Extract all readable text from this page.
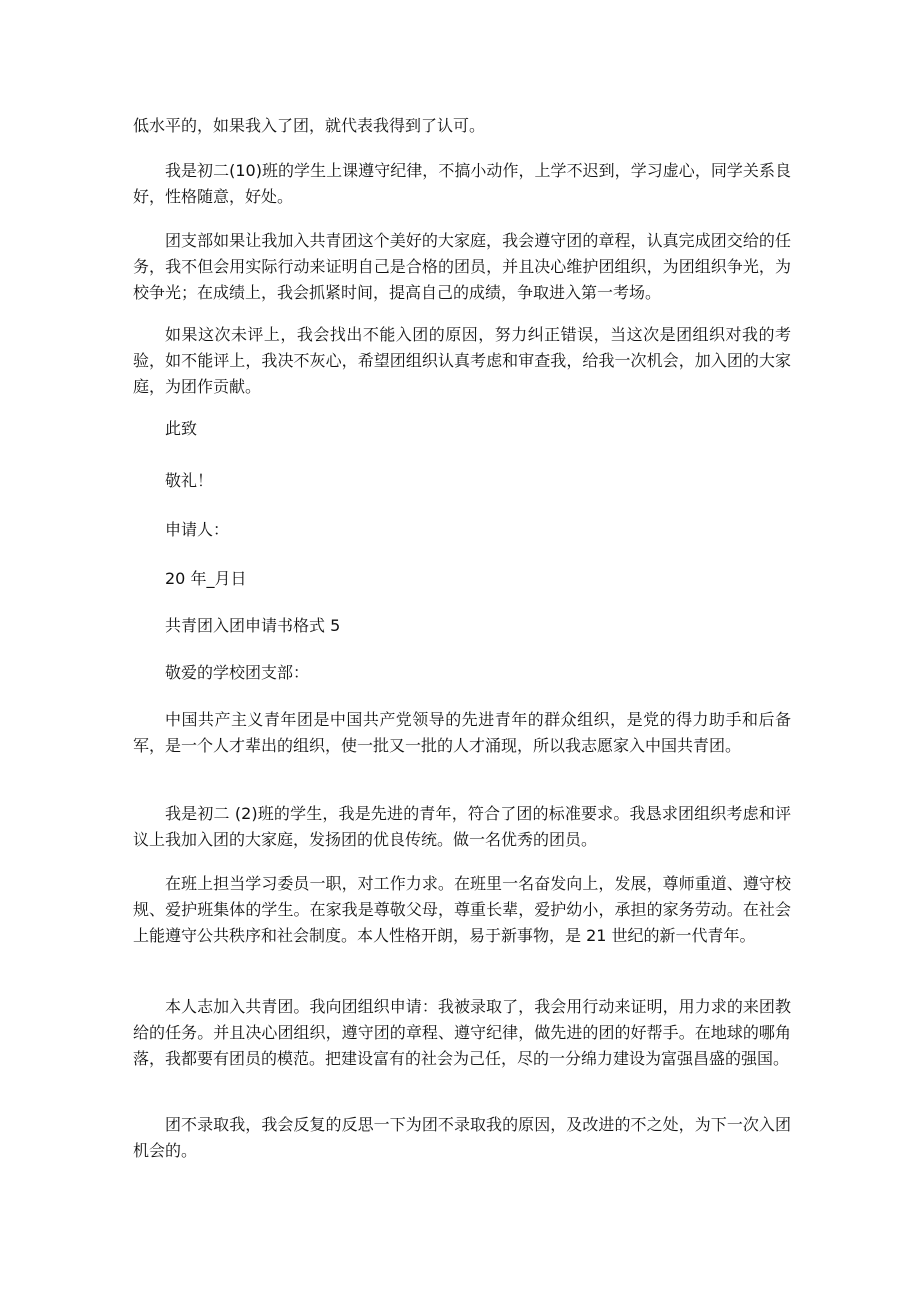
低水平的，如果我入了团，就代表我得到了认可。

我是初二(10)班的学生上课遵守纪律，不搞小动作，上学不迟到，学习虚心，同学关系良好，性格随意，好处。

团支部如果让我加入共青团这个美好的大家庭，我会遵守团的章程，认真完成团交给的任务，我不但会用实际行动来证明自己是合格的团员，并且决心维护团组织，为团组织争光，为校争光；在成绩上，我会抓紧时间，提高自己的成绩，争取进入第一考场。

如果这次未评上，我会找出不能入团的原因，努力纠正错误，当这次是团组织对我的考验，如不能评上，我决不灰心，希望团组织认真考虑和审查我，给我一次机会，加入团的大家庭，为团作贡献。

此致

敬礼！

申请人：

20 年_月日

共青团入团申请书格式 5

敬爱的学校团支部：

中国共产主义青年团是中国共产党领导的先进青年的群众组织，是党的得力助手和后备军，是一个人才辈出的组织，使一批又一批的人才涌现，所以我志愿家入中国共青团。

我是初二 (2)班的学生，我是先进的青年，符合了团的标准要求。我恳求团组织考虑和评议上我加入团的大家庭，发扬团的优良传统。做一名优秀的团员。

在班上担当学习委员一职，对工作力求。在班里一名奋发向上，发展，尊师重道、遵守校规、爱护班集体的学生。在家我是尊敬父母，尊重长辈，爱护幼小，承担的家务劳动。在社会上能遵守公共秩序和社会制度。本人性格开朗，易于新事物，是 21 世纪的新一代青年。

本人志加入共青团。我向团组织申请：我被录取了，我会用行动来证明，用力求的来团教给的任务。并且决心团组织，遵守团的章程、遵守纪律，做先进的团的好帮手。在地球的哪角落，我都要有团员的模范。把建设富有的社会为己任，尽的一分绵力建设为富强昌盛的强国。

团不录取我，我会反复的反思一下为团不录取我的原因，及改进的不之处，为下一次入团机会的。
